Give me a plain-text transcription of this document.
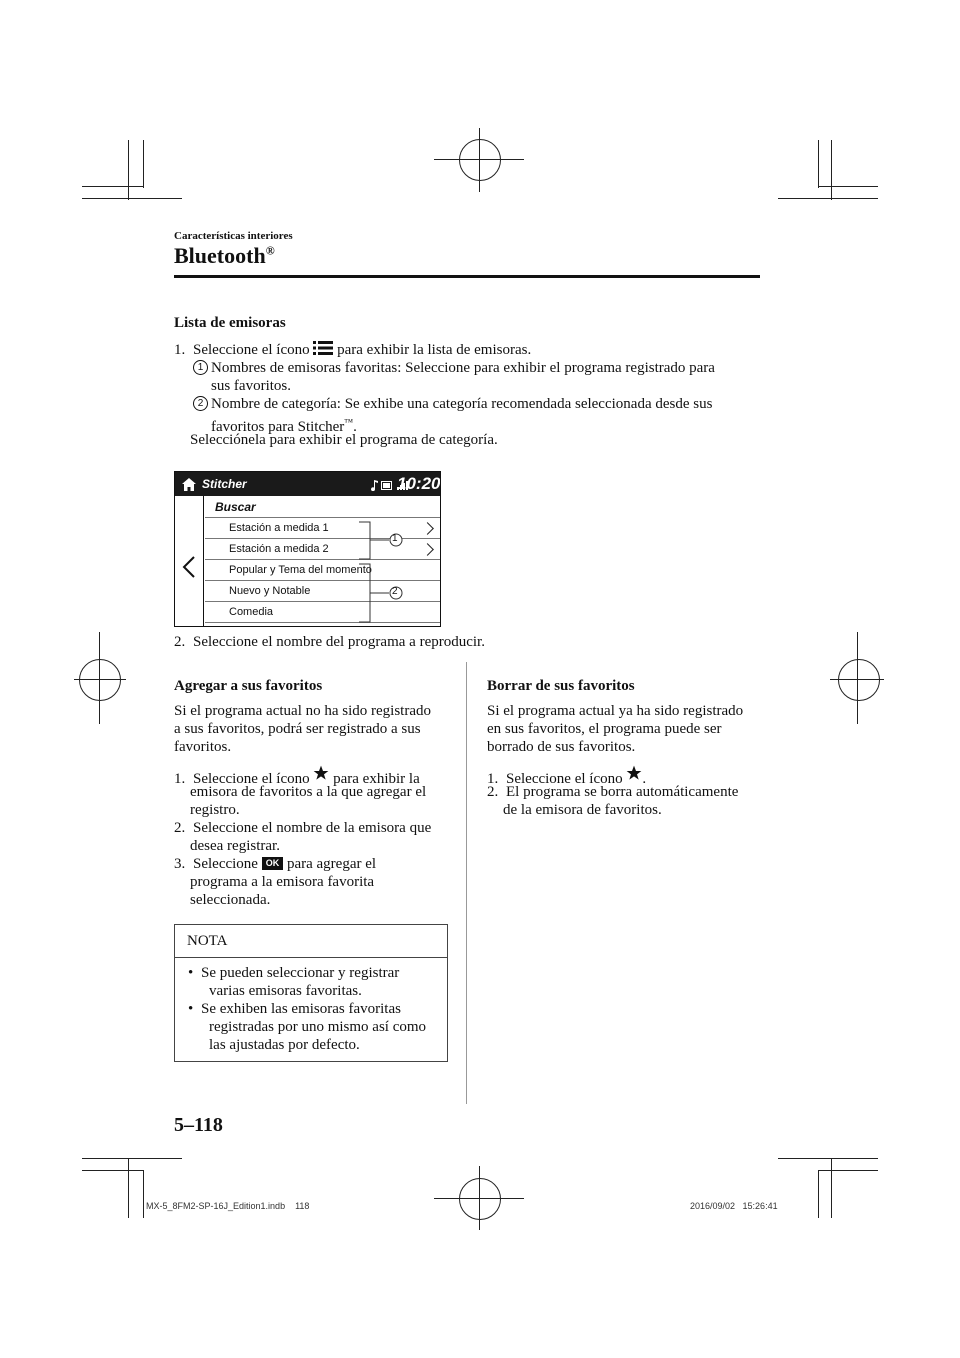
Características interiores
Bluetooth®
Lista de emisoras
1. Seleccione el ícono para exhibir la lista de emisoras.
1 Nombres de emisoras favoritas: Seleccione para exhibir el programa registrado para
sus favoritos.
2 Nombre de categoría: Se exhibe una categoría recomendada seleccionada desde sus
favoritos para Stitcher™.
Selecciónela para exhibir el programa de categoría.
Stitcher	10:20
Buscar
Estación a medida 1
Estación a medida 2
Popular y Tema del momento
Nuevo y Notable
Comedia
1
2
2. Seleccione el nombre del programa a reproducir.
Agregar a sus favoritos
Si el programa actual no ha sido registrado
a sus favoritos, podrá ser registrado a sus
favoritos.
1. Seleccione el ícono para exhibir la
emisora de favoritos a la que agregar el
registro.
2. Seleccione el nombre de la emisora que
desea registrar.
3. Seleccione OK para agregar el
programa a la emisora favorita
seleccionada.
NOTA
• Se pueden seleccionar y registrar
varias emisoras favoritas.
• Se exhiben las emisoras favoritas
registradas por uno mismo así como
las ajustadas por defecto.
Borrar de sus favoritos
Si el programa actual ya ha sido registrado
en sus favoritos, el programa puede ser
borrado de sus favoritos.
1. Seleccione el ícono .
2. El programa se borra automáticamente
de la emisora de favoritos.
5–118
MX-5_8FM2-SP-16J_Edition1.indb    118	2016/09/02   15:26:41
